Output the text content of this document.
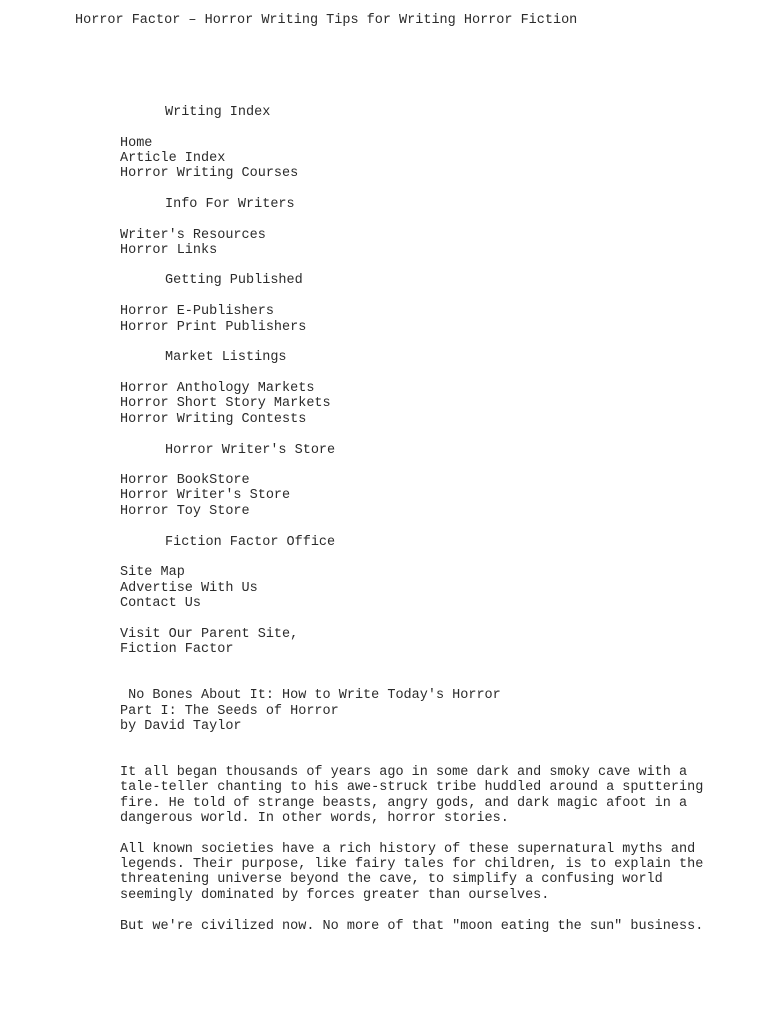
Horror Factor – Horror Writing Tips for Writing Horror Fiction
Writing Index
Home
Article Index
Horror Writing Courses
Info For Writers
Writer's Resources
Horror Links
Getting Published
Horror E-Publishers
Horror Print Publishers
Market Listings
Horror Anthology Markets
Horror Short Story Markets
Horror Writing Contests
Horror Writer's Store
Horror BookStore
Horror Writer's Store
Horror Toy Store
Fiction Factor Office
Site Map
Advertise With Us
Contact Us
Visit Our Parent Site,
Fiction Factor
No Bones About It: How to Write Today's Horror
Part I: The Seeds of Horror
by David Taylor
It all began thousands of years ago in some dark and smoky cave with a
tale-teller chanting to his awe-struck tribe huddled around a sputtering
fire. He told of strange beasts, angry gods, and dark magic afoot in a
dangerous world. In other words, horror stories.
All known societies have a rich history of these supernatural myths and
legends. Their purpose, like fairy tales for children, is to explain the
threatening universe beyond the cave, to simplify a confusing world
seemingly dominated by forces greater than ourselves.
But we're civilized now. No more of that "moon eating the sun" business.
